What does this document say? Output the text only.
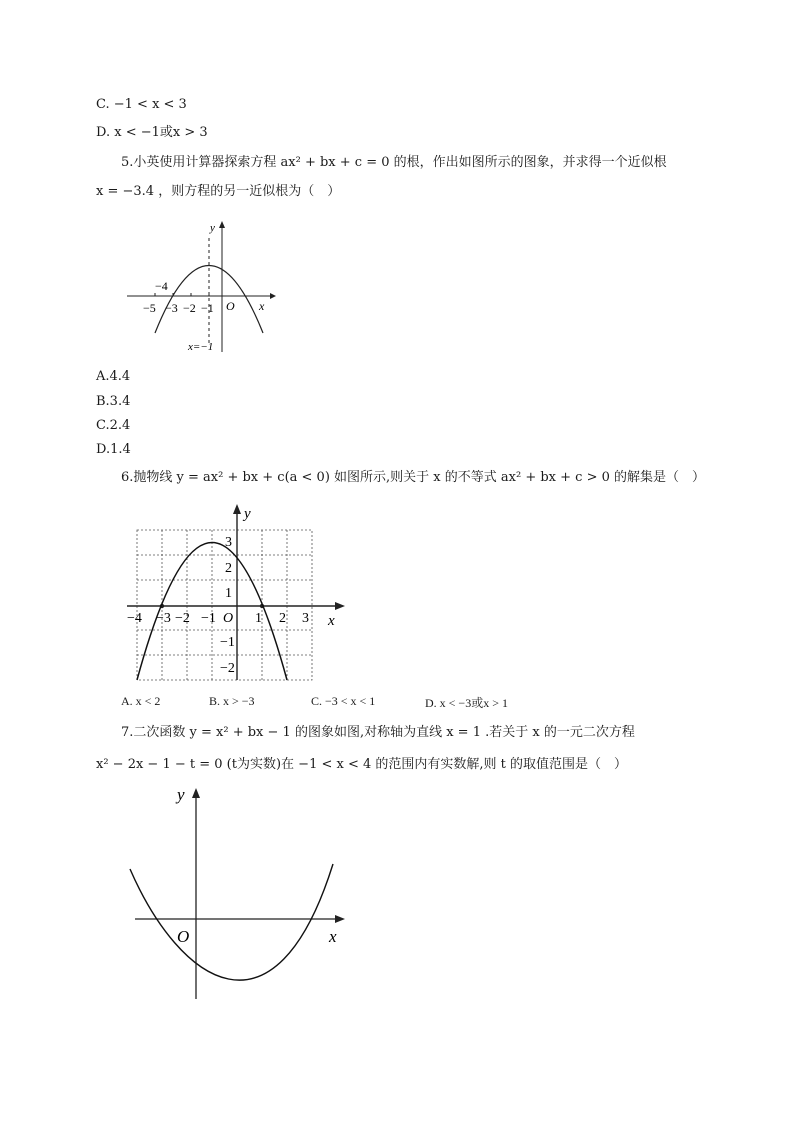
C. −1 < x < 3
D. x < −1或x > 3
5.小英使用计算器探索方程 ax² + bx + c = 0 的根，作出如图所示的图象，并求得一个近似根
x = −3.4 ，则方程的另一近似根为（　）
y
x
O
−4
−5 −3 −2 −1
x=−1
A.4.4
B.3.4
C.2.4
D.1.4
6.抛物线 y = ax² + bx + c(a < 0) 如图所示,则关于 x 的不等式 ax² + bx + c > 0 的解集是（　）
y
x
O
−4 −3 −2 −1	1 2 3
3
2
1
−1
−2
A. x < 2	B. x > −3	C. −3 < x < 1	D. x < −3或x > 1
7.二次函数 y = x² + bx − 1 的图象如图,对称轴为直线 x = 1 .若关于 x 的一元二次方程
x² − 2x − 1 − t = 0 (t为实数)在 −1 < x < 4 的范围内有实数解,则 t 的取值范围是（　）
y
x
O
